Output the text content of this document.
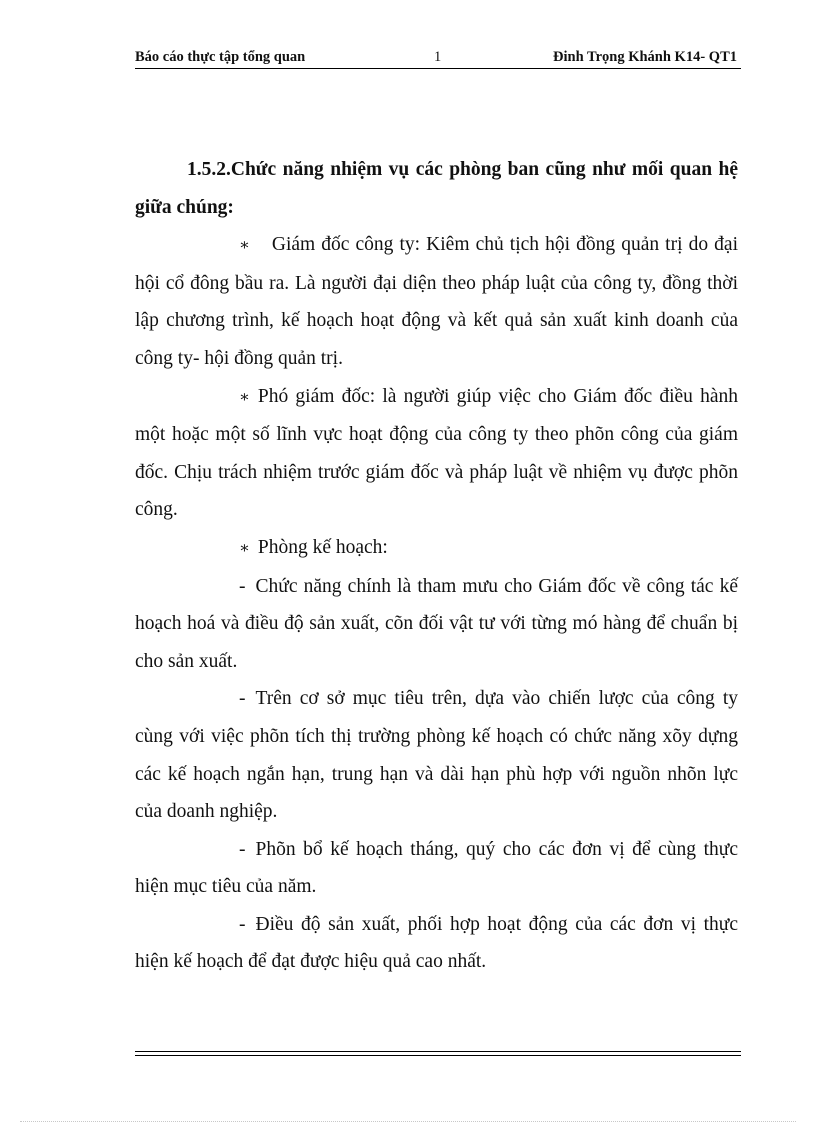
Báo cáo thực tập tổng quan	1	Đinh Trọng Khánh K14- QT1

1.5.2.Chức năng nhiệm vụ các phòng ban cũng như mối quan hệ giữa chúng:

∗ Giám đốc công ty: Kiêm chủ tịch hội đồng quản trị do đại hội cổ đông bầu ra. Là người đại diện theo pháp luật của công ty, đồng thời lập chương trình, kế hoạch hoạt động và kết quả sản xuất kinh doanh của công ty- hội đồng quản trị.

∗ Phó giám đốc: là người giúp việc cho Giám đốc điều hành một hoặc một số lĩnh vực hoạt động của công ty theo phõn công của giám đốc. Chịu trách nhiệm trước giám đốc và pháp luật về nhiệm vụ được phõn công.

∗ Phòng kế hoạch:

- Chức năng chính là tham mưu cho Giám đốc về công tác kế hoạch hoá và điều độ sản xuất, cõn đối vật tư với từng mó hàng để chuẩn bị cho sản xuất.

- Trên cơ sở mục tiêu trên, dựa vào chiến lược của công ty cùng với việc phõn tích thị trường phòng kế hoạch có chức năng xõy dựng các kế hoạch ngắn hạn, trung hạn và dài hạn phù hợp với nguồn nhõn lực của doanh nghiệp.

- Phõn bổ kế hoạch tháng, quý cho các đơn vị để cùng thực hiện mục tiêu của năm.

- Điều độ sản xuất, phối hợp hoạt động của các đơn vị thực hiện kế hoạch để đạt được hiệu quả cao nhất.
